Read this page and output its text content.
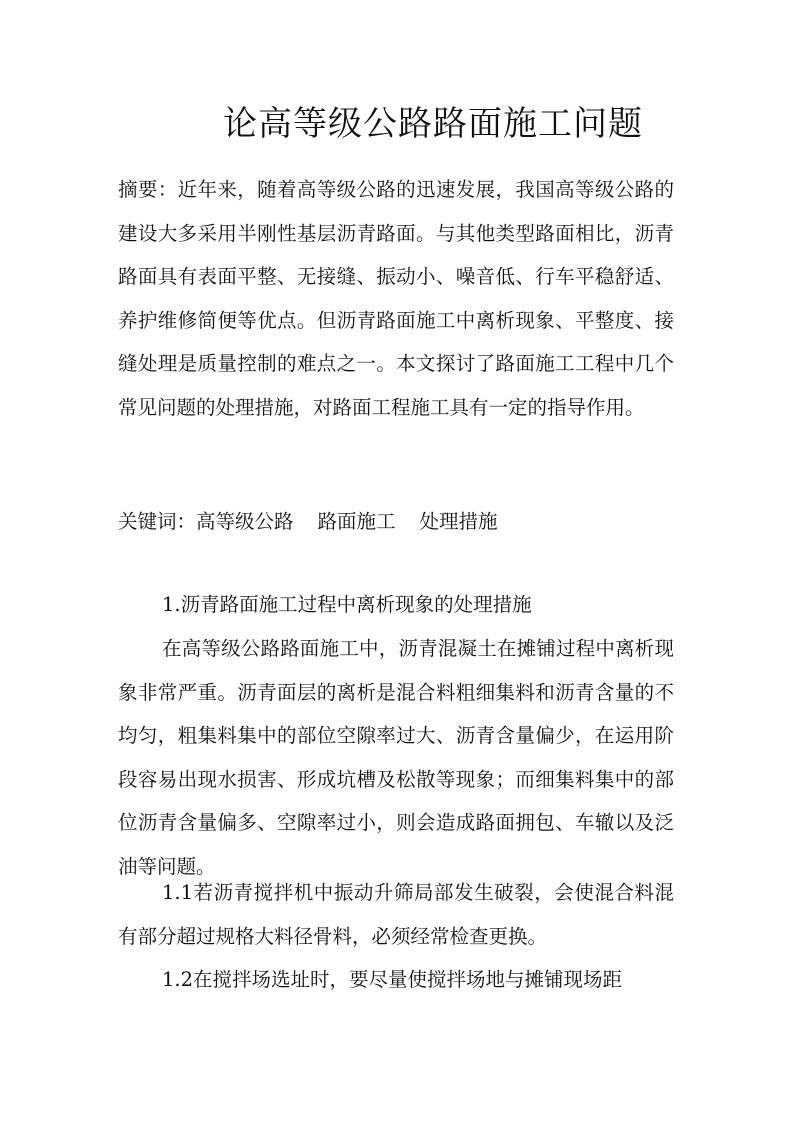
论高等级公路路面施工问题

摘要：近年来，随着高等级公路的迅速发展，我国高等级公路的建设大多采用半刚性基层沥青路面。与其他类型路面相比，沥青路面具有表面平整、无接缝、振动小、噪音低、行车平稳舒适、养护维修简便等优点。但沥青路面施工中离析现象、平整度、接缝处理是质量控制的难点之一。本文探讨了路面施工工程中几个常见问题的处理措施，对路面工程施工具有一定的指导作用。

关键词：高等级公路 路面施工 处理措施

1.沥青路面施工过程中离析现象的处理措施

在高等级公路路面施工中，沥青混凝土在摊铺过程中离析现象非常严重。沥青面层的离析是混合料粗细集料和沥青含量的不均匀，粗集料集中的部位空隙率过大、沥青含量偏少，在运用阶段容易出现水损害、形成坑槽及松散等现象；而细集料集中的部位沥青含量偏多、空隙率过小，则会造成路面拥包、车辙以及泛油等问题。

1.1若沥青搅拌机中振动升筛局部发生破裂，会使混合料混有部分超过规格大料径骨料，必须经常检查更换。

1.2在搅拌场选址时，要尽量使搅拌场地与摊铺现场距
